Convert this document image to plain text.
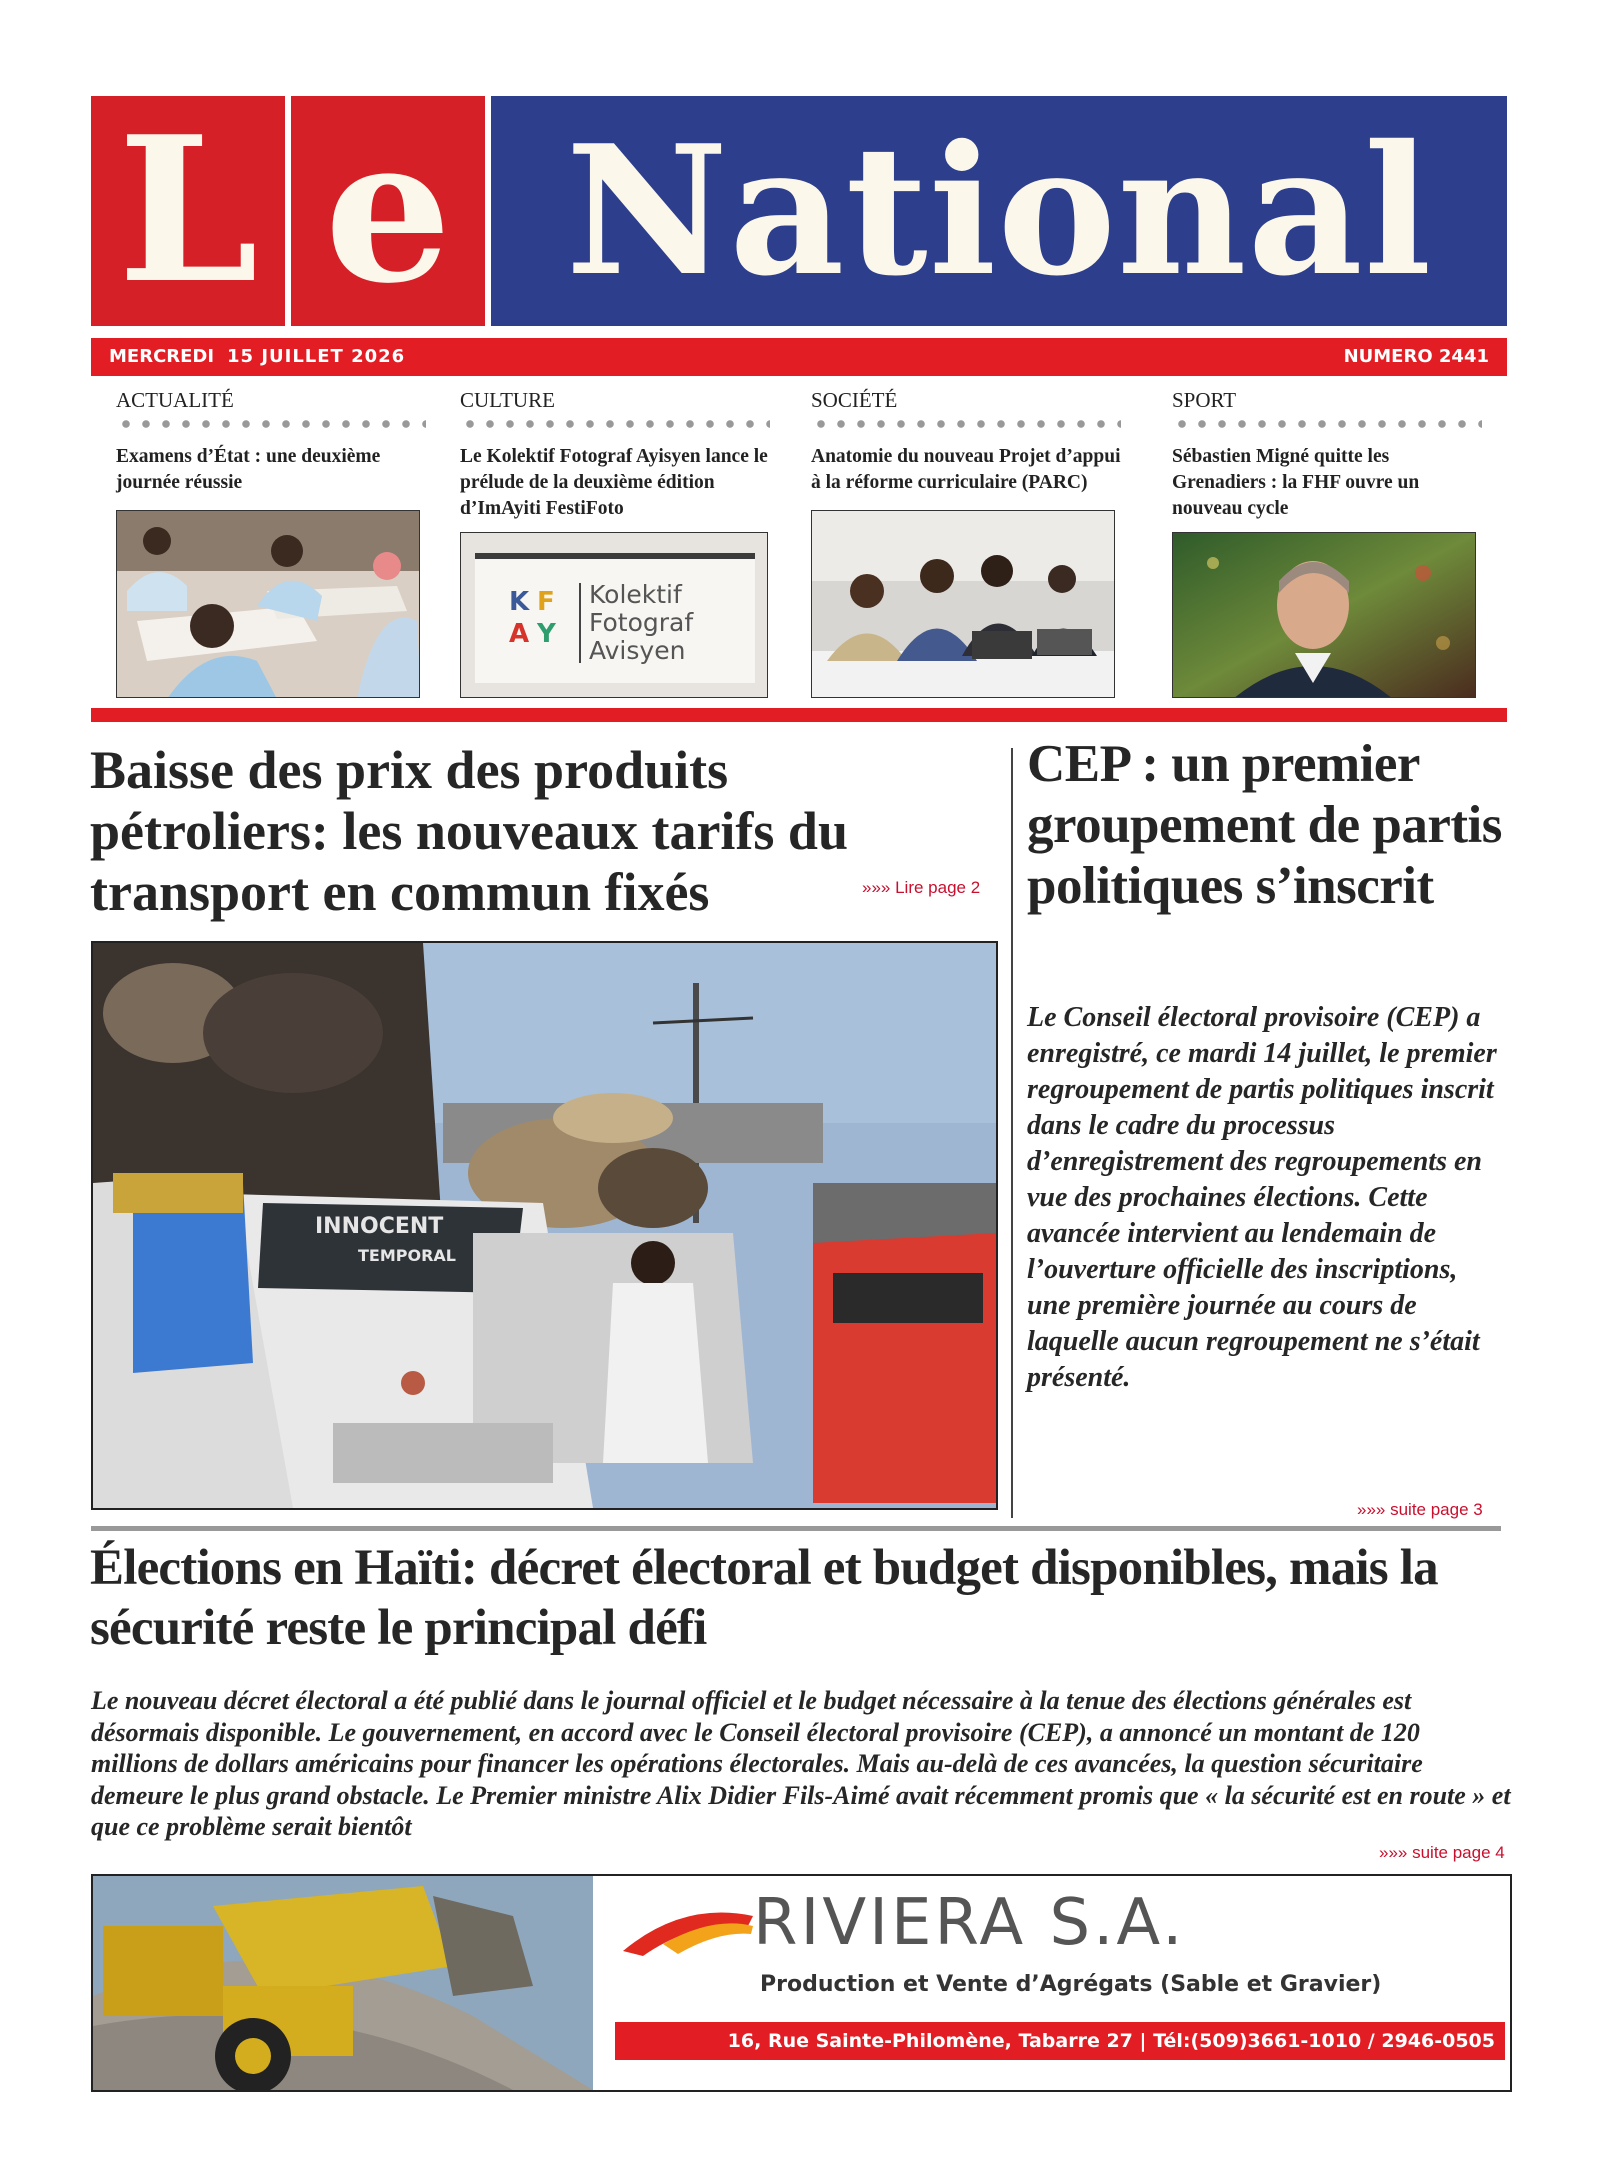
L e National
MERCREDI 15 JUILLET 2026	NUMERO 2441
ACTUALITÉ
Examens d’État : une deuxième journée réussie
CULTURE
Le Kolektif Fotograf Ayisyen lance le prélude de la deuxième édition d’ImAyiti FestiFoto
K F
A Y
Kolektif
Fotograf
Avisyen
SOCIÉTÉ
Anatomie du nouveau Projet d’appui à la réforme curriculaire (PARC)
SPORT
Sébastien Migné quitte les Grenadiers : la FHF ouvre un nouveau cycle
Baisse des prix des produits pétroliers: les nouveaux tarifs du transport en commun fixés	»»» Lire page 2
INNOCENT
TEMPORAL
CEP : un premier groupement de partis politiques s’inscrit

Le Conseil électoral provisoire (CEP) a enregistré, ce mardi 14 juillet, le premier regroupement de partis politiques inscrit dans le cadre du processus d’enregistrement des regroupements en vue des prochaines élections. Cette avancée intervient au lendemain de l’ouverture officielle des inscriptions, une première journée au cours de laquelle aucun regroupement ne s’était présenté.

»»» suite page 3
Élections en Haïti: décret électoral et budget disponibles, mais la sécurité reste le principal défi

Le nouveau décret électoral a été publié dans le journal officiel et le budget nécessaire à la tenue des élections générales est désormais disponible. Le gouvernement, en accord avec le Conseil électoral provisoire (CEP), a annoncé un montant de 120 millions de dollars américains pour financer les opérations électorales. Mais au-delà de ces avancées, la question sécuritaire demeure le plus grand obstacle. Le Premier ministre Alix Didier Fils-Aimé avait récemment promis que « la sécurité est en route » et que ce problème serait bientôt

»»» suite page 4
RIVIERA S.A.
Production et Vente d’Agrégats (Sable et Gravier)
16, Rue Sainte-Philomène, Tabarre 27 | Tél:(509)3661-1010 / 2946-0505
